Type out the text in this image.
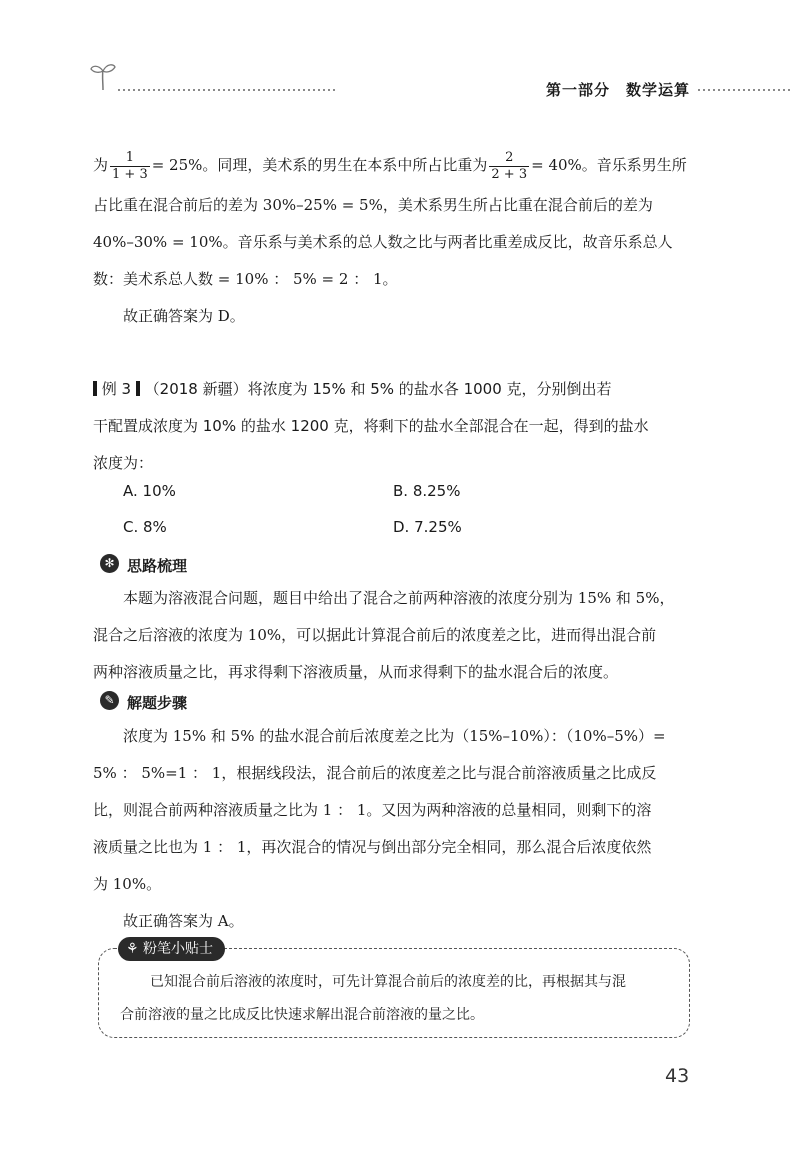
第一部分　数学运算
为 $\frac{1}{1 + 3} = 25\%$。同理，美术系的男生在本系中所占比重为 $\frac{2}{2 + 3} = 40\%$。音乐系男生所
占比重在混合前后的差为 30%–25% = 5%，美术系男生所占比重在混合前后的差为
40%–30% = 10%。音乐系与美术系的总人数之比与两者比重差成反比，故音乐系总人
数：美术系总人数 = 10% ： 5% = 2 ： 1。
故正确答案为 D。
例 3 （2018 新疆）将浓度为 15% 和 5% 的盐水各 1000 克，分别倒出若
干配置成浓度为 10% 的盐水 1200 克，将剩下的盐水全部混合在一起，得到的盐水
浓度为：
A. 10%	B. 8.25%
C. 8%	D. 7.25%
✻ 思路梳理
本题为溶液混合问题，题目中给出了混合之前两种溶液的浓度分别为 15% 和 5%，
混合之后溶液的浓度为 10%，可以据此计算混合前后的浓度差之比，进而得出混合前
两种溶液质量之比，再求得剩下溶液质量，从而求得剩下的盐水混合后的浓度。
✎ 解题步骤
浓度为 15% 和 5% 的盐水混合前后浓度差之比为（15%–10%）：（10%–5%）=
5% ： 5%=1 ： 1，根据线段法，混合前后的浓度差之比与混合前溶液质量之比成反
比，则混合前两种溶液质量之比为 1 ： 1。又因为两种溶液的总量相同，则剩下的溶
液质量之比也为 1 ： 1，再次混合的情况与倒出部分完全相同，那么混合后浓度依然
为 10%。
故正确答案为 A。
⚘ 粉笔小贴士
已知混合前后溶液的浓度时，可先计算混合前后的浓度差的比，再根据其与混
合前溶液的量之比成反比快速求解出混合前溶液的量之比。
43
